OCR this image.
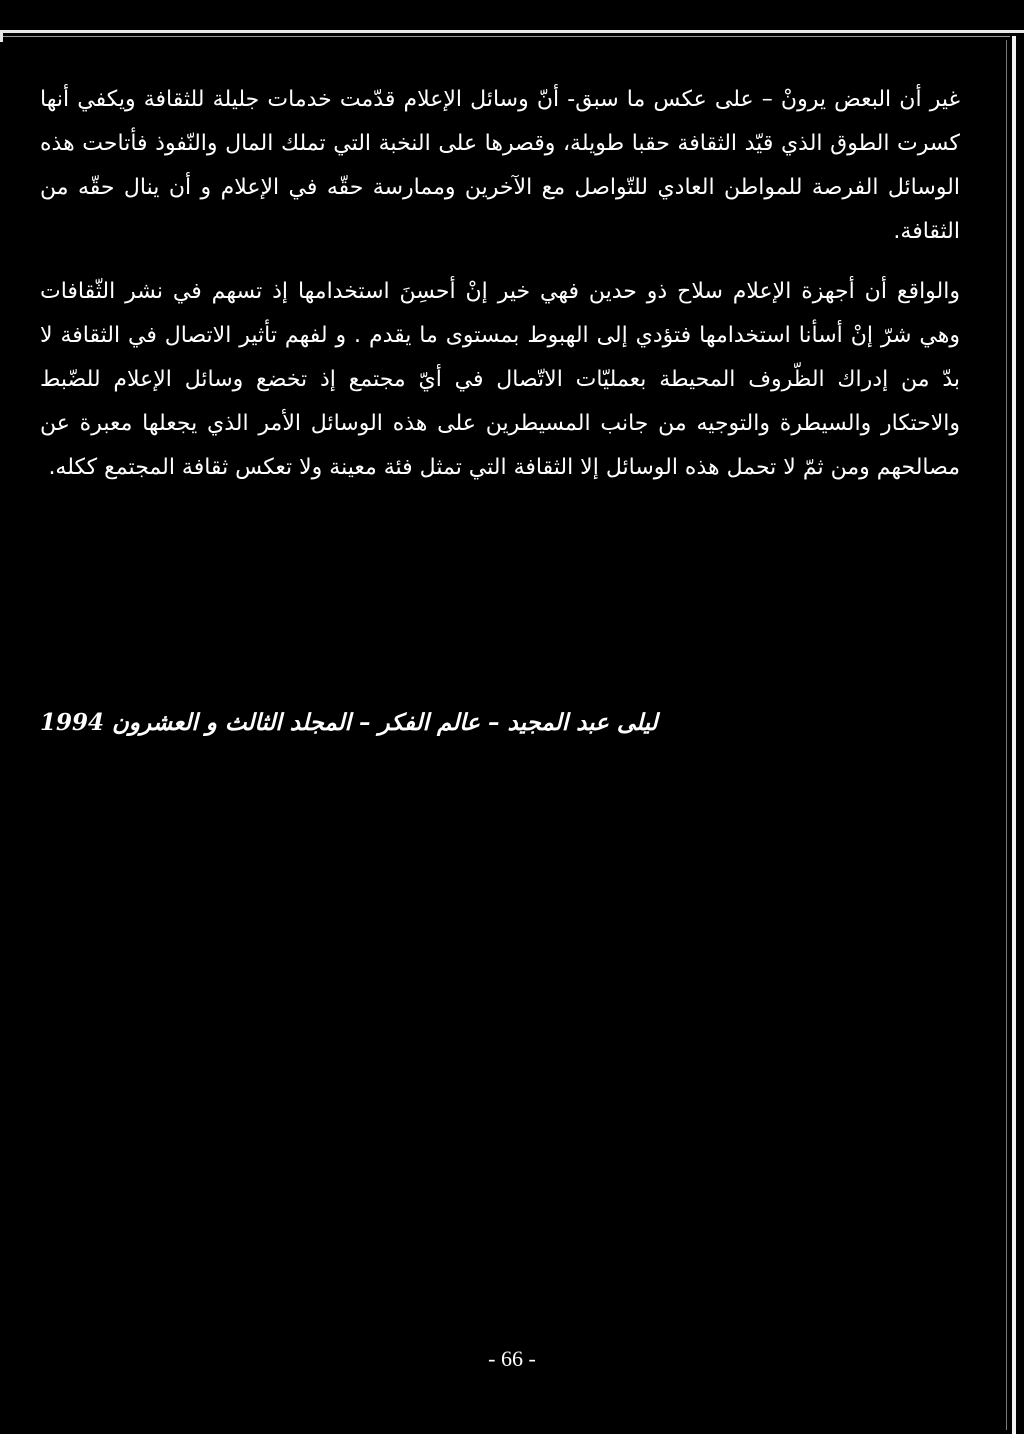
غير أن البعض يرونْ – على عكس ما سبق- أنّ وسائل الإعلام قدّمت خدمات جليلة للثقافة ويكفي أنها كسرت الطوق الذي قيّد الثقافة حقبا طويلة، وقصرها على النخبة التي تملك المال والنّفوذ فأتاحت هذه الوسائل الفرصة للمواطن العادي للتّواصل مع الآخرين وممارسة حقّه في الإعلام و أن ينال حقّه من الثقافة.

والواقع أن أجهزة الإعلام سلاح ذو حدين فهي خير إنْ أحسِنَ استخدامها إذ تسهم في نشر الثّقافات وهي شرّ إنْ أسأنا استخدامها فتؤدي إلى الهبوط بمستوى ما يقدم . و لفهم تأثير الاتصال في الثقافة لا بدّ من إدراك الظّروف المحيطة بعمليّات الاتّصال في أيّ مجتمع إذ تخضع وسائل الإعلام للضّبط والاحتكار والسيطرة والتوجيه من جانب المسيطرين على هذه الوسائل الأمر الذي يجعلها معبرة عن مصالحهم ومن ثمّ لا تحمل هذه الوسائل إلا الثقافة التي تمثل فئة معينة ولا تعكس ثقافة المجتمع ككله.

ليلى عبد المجيد – عالم الفكر – المجلد الثالث و العشرون 1994
- 66 -
